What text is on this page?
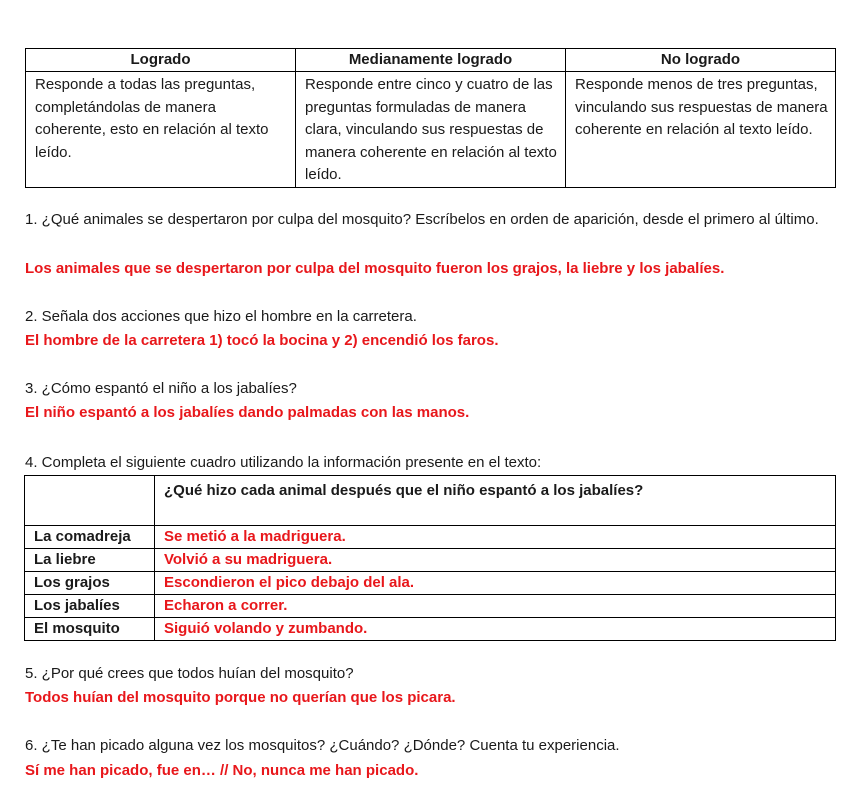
Logrado	Medianamente logrado	No logrado
Responde a todas las preguntas, completándolas de manera coherente, esto en relación al texto leído.	Responde entre cinco y cuatro de las preguntas formuladas de manera clara, vinculando sus respuestas de manera coherente en relación al texto leído.	Responde menos de tres preguntas, vinculando sus respuestas de manera coherente en relación al texto leído.

1. ¿Qué animales se despertaron por culpa del mosquito? Escríbelos en orden de aparición, desde el primero al último.

Los animales que se despertaron por culpa del mosquito fueron los grajos, la liebre y los jabalíes.

2. Señala dos acciones que hizo el hombre en la carretera.

El hombre de la carretera 1) tocó la bocina y 2) encendió los faros.

3. ¿Cómo espantó el niño a los jabalíes?

El niño espantó a los jabalíes dando palmadas con las manos.

4. Completa el siguiente cuadro utilizando la información presente en el texto:

	¿Qué hizo cada animal después que el niño espantó a los jabalíes?
La comadreja	Se metió a la madriguera.
La liebre	Volvió a su madriguera.
Los grajos	Escondieron el pico debajo del ala.
Los jabalíes	Echaron a correr.
El mosquito	Siguió volando y zumbando.

5. ¿Por qué crees que todos huían del mosquito?

Todos huían del mosquito porque no querían que los picara.

6. ¿Te han picado alguna vez los mosquitos? ¿Cuándo? ¿Dónde? Cuenta tu experiencia.

Sí me han picado, fue en… // No, nunca me han picado.
